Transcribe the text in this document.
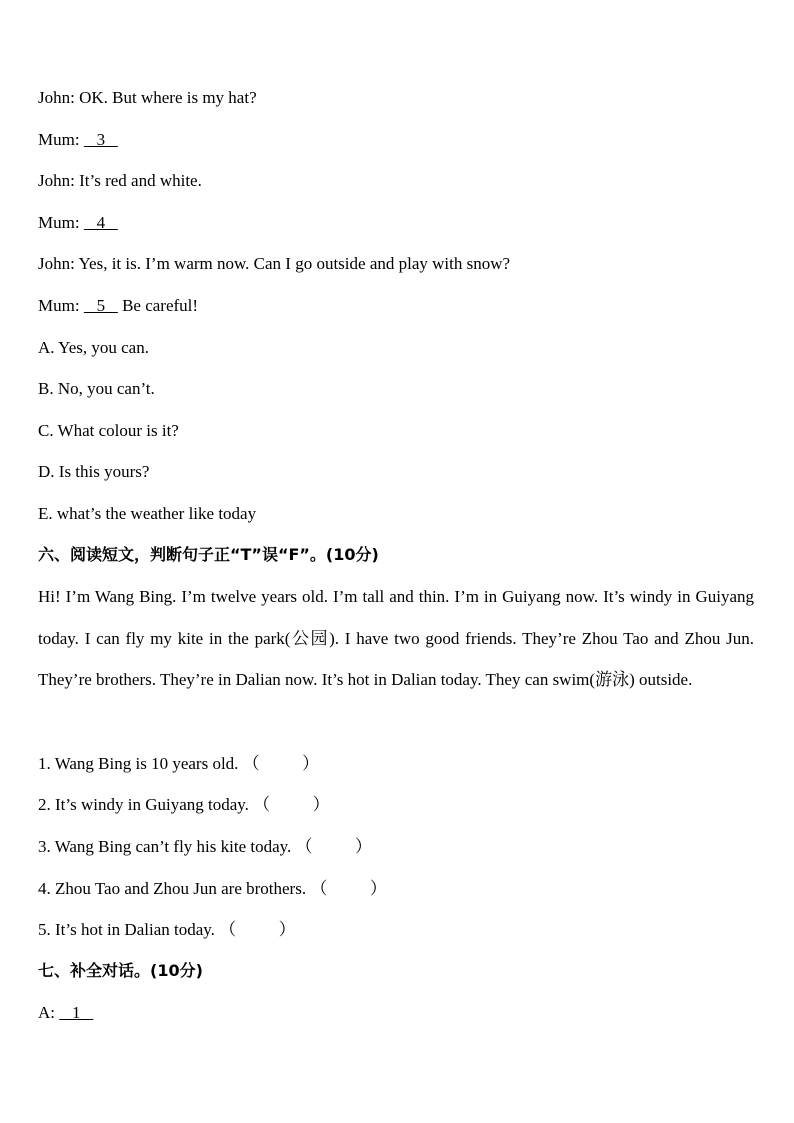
John: OK. But where is my hat?
Mum:    3
John: It’s red and white.
Mum:    4
John: Yes, it is. I’m warm now. Can I go outside and play with snow?
Mum:    5    Be careful!
A. Yes, you can.
B. No, you can’t.
C. What colour is it?
D. Is this yours?
E. what’s the weather like today
六、阅读短文，判断句子正“T”误“F”。(10分)
Hi! I’m Wang Bing. I’m twelve years old. I’m tall and thin. I’m in Guiyang now. It’s windy in Guiyang today. I can fly my kite in the park(公园). I have two good friends. They’re Zhou Tao and Zhou Jun. They’re brothers. They’re in Dalian now. It’s hot in Dalian today. They can swim(游泳) outside.
1. Wang Bing is 10 years old. （          ）
2. It’s windy in Guiyang today. （          ）
3. Wang Bing can’t fly his kite today. （          ）
4. Zhou Tao and Zhou Jun are brothers. （          ）
5. It’s hot in Dalian today. （          ）
七、补全对话。(10分)
A:    1
